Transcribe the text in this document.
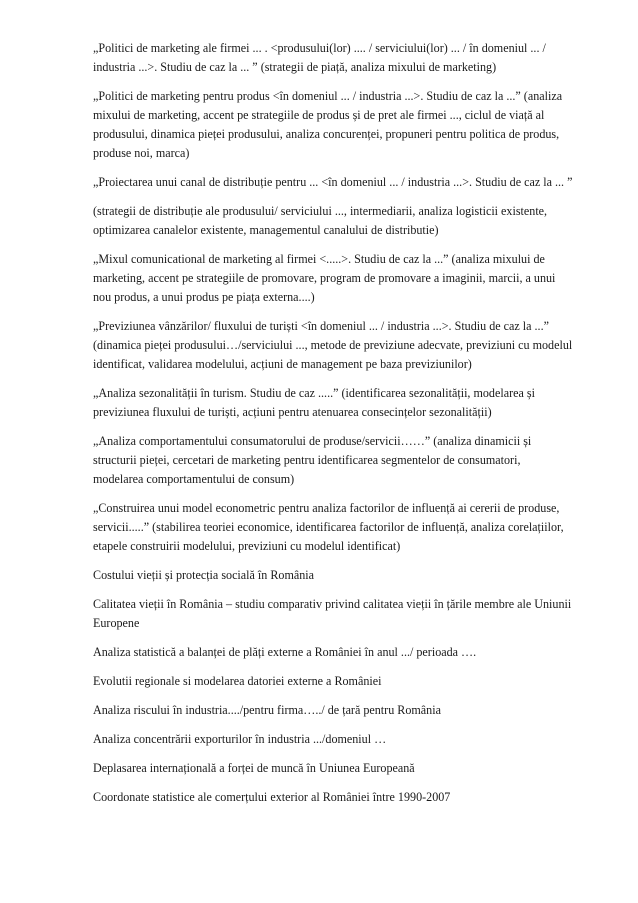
„Politici de marketing ale firmei ... . <produsului(lor) .... / serviciului(lor) ... / în domeniul ... / industria ...>. Studiu de caz la ... ” (strategii de piață, analiza mixului de marketing)

„Politici de marketing pentru produs <în domeniul ... / industria ...>. Studiu de caz la ...” (analiza mixului de marketing, accent pe strategiile de produs și de pret ale firmei ..., ciclul de viață al produsului, dinamica pieței produsului, analiza concurenței, propuneri pentru politica de produs, produse noi, marca)

„Proiectarea unui canal de distribuție pentru ... <în domeniul ... / industria ...>. Studiu de caz la ... ”

(strategii de distribuție ale produsului/ serviciului ..., intermediarii, analiza logisticii existente, optimizarea canalelor existente, managementul canalului de distributie)

„Mixul comunicational de marketing al firmei <.....>. Studiu de caz la ...” (analiza mixului de marketing, accent pe strategiile de promovare, program de promovare a imaginii, marcii, a unui nou produs, a unui produs pe piața externa....)

„Previziunea vânzărilor/ fluxului de turiști <în domeniul ... / industria ...>. Studiu de caz la ...” (dinamica pieței produsului…/serviciului ..., metode de previziune adecvate, previziuni cu modelul identificat, validarea modelului, acțiuni de management pe baza previziunilor)

„Analiza sezonalității în turism. Studiu de caz .....” (identificarea sezonalității, modelarea și previziunea fluxului de turiști, acțiuni pentru atenuarea consecințelor sezonalității)

„Analiza comportamentului consumatorului de produse/servicii……” (analiza dinamicii și structurii pieței, cercetari de marketing pentru identificarea segmentelor de consumatori, modelarea comportamentului de consum)

„Construirea unui model econometric pentru analiza factorilor de influență ai cererii de produse, servicii.....” (stabilirea teoriei economice, identificarea factorilor de influență, analiza corelațiilor, etapele construirii modelului, previziuni cu modelul identificat)

Costului vieții și protecția socială în România

Calitatea vieții în România – studiu comparativ privind calitatea vieții în țările membre ale Uniunii Europene

Analiza statistică a balanței de plăți externe a României în anul .../ perioada ….

Evolutii regionale si modelarea datoriei externe a României

Analiza riscului în industria..../pentru firma…../ de țară pentru România

Analiza concentrării exporturilor în industria .../domeniul …

Deplasarea internațională a forței de muncă în Uniunea Europeană

Coordonate statistice ale comerțului exterior al României între 1990-2007
